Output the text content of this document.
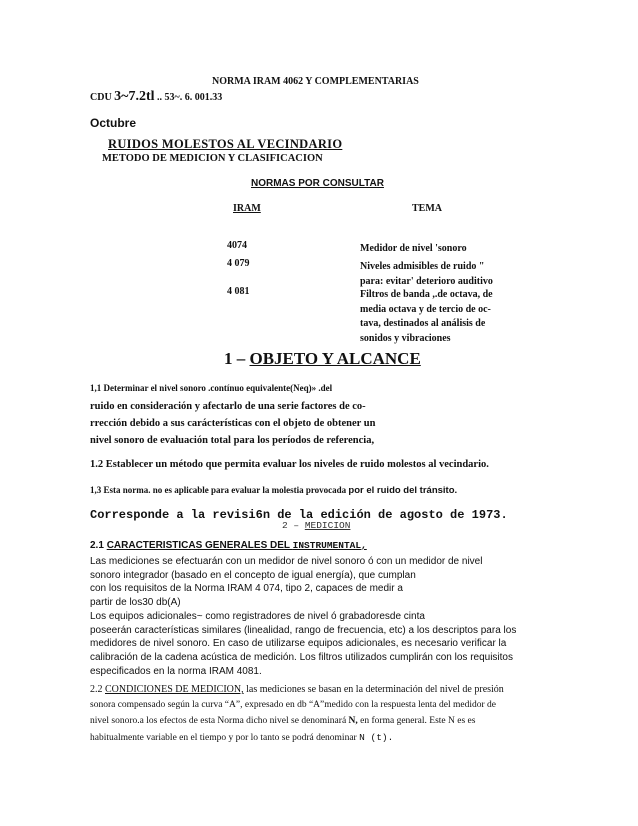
NORMA IRAM 4062 Y COMPLEMENTARIAS
CDU 3~7.2tl .. 53~. 6. 001.33
Octubre
RUIDOS MOLESTOS AL VECINDARIO
METODO DE MEDICION Y CLASIFICACION
NORMAS POR CONSULTAR
IRAM	TEMA
4074	Medidor de nivel 'sonoro
4 079	Niveles admisibles de ruido "
para: evitar' deterioro auditivo
4 081	Filtros de banda ,.de octava, de
media octava y de tercio de oc-
tava, destinados al análisis de
sonidos y vibraciones
1 – OBJETO Y ALCANCE
1,1 Determinar el nivel sonoro .contínuo equivalente(Neq)» .del
ruido en consideración y afectarlo de una serie factores de co-
rrección debido a sus carácterísticas con el objeto de obtener un
nivel sonoro de evaluación total para los períodos de referencia,
1.2 Establecer un método que permita evaluar los niveles de ruido molestos al vecindario.
1,3 Esta norma. no es aplicable para evaluar la molestia provocada por el ruido del tránsito.
Corresponde a la revisi6n de la edición de agosto de 1973.
2 – MEDICION
2.1 CARACTERISTICAS GENERALES DEL INSTRUMENTAL,
Las mediciones se efectuarán con un medidor de nivel sonoro ó con un medidor de nivel
sonoro integrador (basado en el concepto de igual energía), que cumplan
con los requisitos de la Norma IRAM 4 074, tipo 2, capaces de medir a
partir de los30 db(A)
Los equipos adicionales~ como registradores de nivel ó grabadoresde cinta
poseerán características similares (linealidad, rango de frecuencia, etc) a los descriptos para los
medidores de nivel sonoro. En caso de utilizarse equipos adicionales, es necesario verificar la
calibración de la cadena acústica de medición. Los filtros utilizados cumplirán con los requisitos
especificados en la norma IRAM 4081.
2.2 CONDICIONES DE MEDICION, las mediciones se basan en la determinación del nivel de presión
sonora compensado según la curva “A”, expresado en db “A”medido con la respuesta lenta del medidor de
nivel sonoro.a los efectos de esta Norma dicho nivel se denominará N, en forma general. Este N es es
habitualmente variable en el tiempo y por lo tanto se podrá denominar N (t).
